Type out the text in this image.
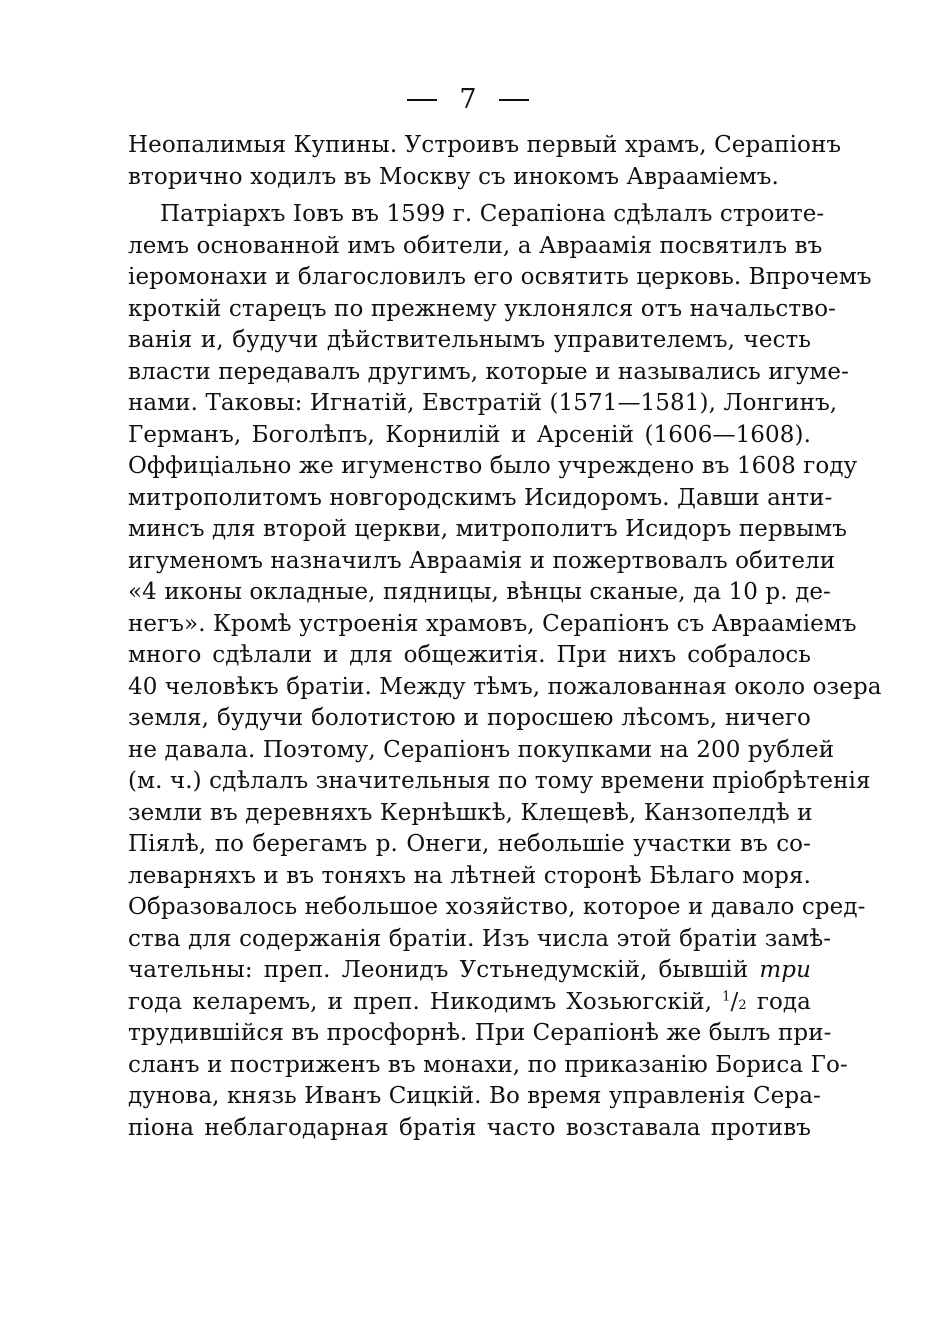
7
Неопалимыя Купины. Устроивъ первый храмъ, Серапіонъ
вторично ходилъ въ Москву съ инокомъ Авраамiемъ.
Патріархъ Іовъ въ 1599 г. Серапіона сдѣлалъ строите-
лемъ основанной имъ обители, а Авраамія посвятилъ въ
іеромонахи и благословилъ его освятить церковь. Впрочемъ
кроткій старецъ по прежнему уклонялся отъ начальство-
ванія и, будучи дѣйствительнымъ управителемъ, честь
власти передавалъ другимъ, которые и назывались игуме-
нами. Таковы: Игнатій, Евстратій (1571—1581), Лонгинъ,
Германъ, Боголѣпъ, Корнилій и Арсеній (1606—1608).
Оффиціально же игуменство было учреждено въ 1608 году
митрополитомъ новгородскимъ Исидоромъ. Давши анти-
минсъ для второй церкви, митрополитъ Исидоръ первымъ
игуменомъ назначилъ Авраамія и пожертвовалъ обители
«4 иконы окладные, пядницы, вѣнцы сканые, да 10 р. де-
негъ». Кромѣ устроенія храмовъ, Серапіонъ съ Авраамiемъ
много сдѣлали и для общежитія. При нихъ собралось
40 человѣкъ братіи. Между тѣмъ, пожалованная около озера
земля, будучи болотистою и поросшею лѣсомъ, ничего
не давала. Поэтому, Серапіонъ покупками на 200 рублей
(м. ч.) сдѣлалъ значительныя по тому времени пріобрѣтенія
земли въ деревняхъ Кернѣшкѣ, Клещевѣ, Канзопелдѣ и
Піялѣ, по берегамъ р. Онеги, небольшіе участки въ со-
леварняхъ и въ тоняхъ на лѣтней сторонѣ Бѣлаго моря.
Образовалось небольшое хозяйство, которое и давало сред-
ства для содержанія братіи. Изъ числа этой братіи замѣ-
чательны: преп. Леонидъ Устьнедумскій, бывшій три
года келаремъ, и преп. Никодимъ Хозьюгскій, $^1$/2 года
трудившійся въ просфорнѣ. При Серапіонѣ же былъ при-
сланъ и постриженъ въ монахи, по приказанію Бориса Го-
дунова, князь Иванъ Сицкій. Во время управленія Сера-
піона неблагодарная братія часто возставала противъ
